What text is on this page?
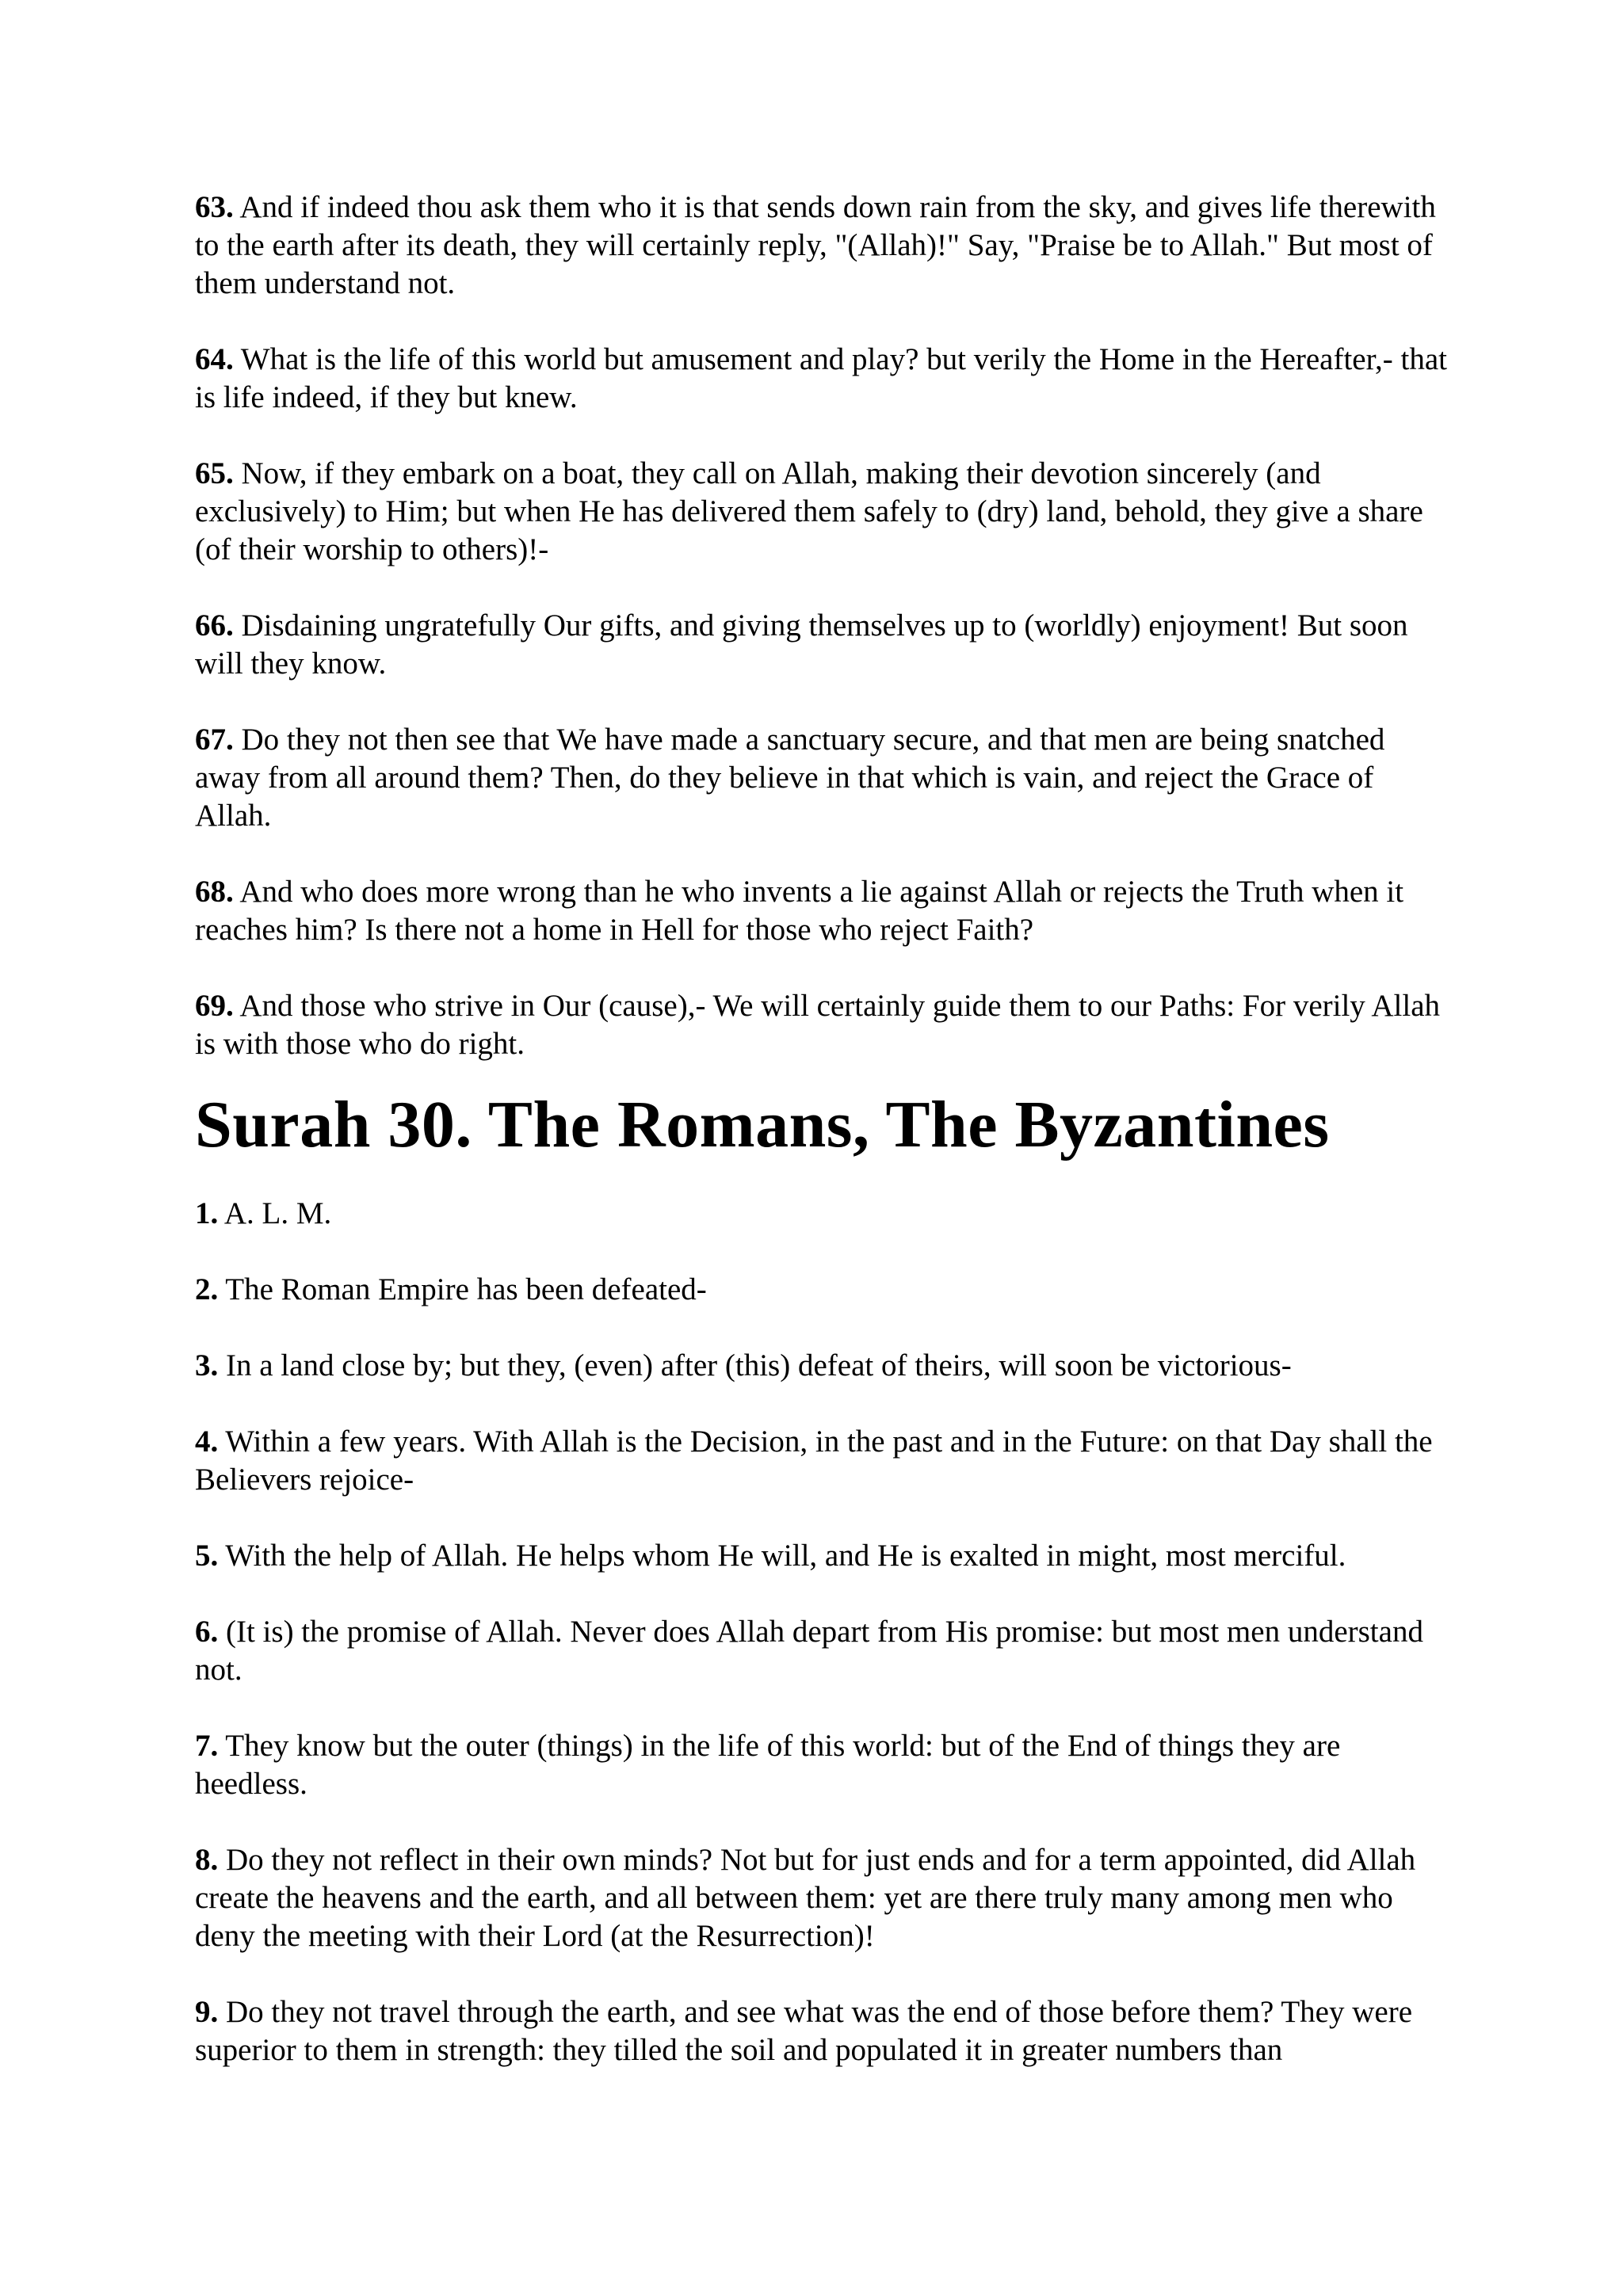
63. And if indeed thou ask them who it is that sends down rain from the sky, and gives life therewith to the earth after its death, they will certainly reply, "(Allah)!" Say, "Praise be to Allah." But most of them understand not.

64. What is the life of this world but amusement and play? but verily the Home in the Hereafter,- that is life indeed, if they but knew.

65. Now, if they embark on a boat, they call on Allah, making their devotion sincerely (and exclusively) to Him; but when He has delivered them safely to (dry) land, behold, they give a share (of their worship to others)!-

66. Disdaining ungratefully Our gifts, and giving themselves up to (worldly) enjoyment! But soon will they know.

67. Do they not then see that We have made a sanctuary secure, and that men are being snatched away from all around them? Then, do they believe in that which is vain, and reject the Grace of Allah.

68. And who does more wrong than he who invents a lie against Allah or rejects the Truth when it reaches him? Is there not a home in Hell for those who reject Faith?

69. And those who strive in Our (cause),- We will certainly guide them to our Paths: For verily Allah is with those who do right.

Surah 30. The Romans, The Byzantines

1. A. L. M.

2. The Roman Empire has been defeated-

3. In a land close by; but they, (even) after (this) defeat of theirs, will soon be victorious-

4. Within a few years. With Allah is the Decision, in the past and in the Future: on that Day shall the Believers rejoice-

5. With the help of Allah. He helps whom He will, and He is exalted in might, most merciful.

6. (It is) the promise of Allah. Never does Allah depart from His promise: but most men understand not.

7. They know but the outer (things) in the life of this world: but of the End of things they are heedless.

8. Do they not reflect in their own minds? Not but for just ends and for a term appointed, did Allah create the heavens and the earth, and all between them: yet are there truly many among men who deny the meeting with their Lord (at the Resurrection)!

9. Do they not travel through the earth, and see what was the end of those before them? They were superior to them in strength: they tilled the soil and populated it in greater numbers than
